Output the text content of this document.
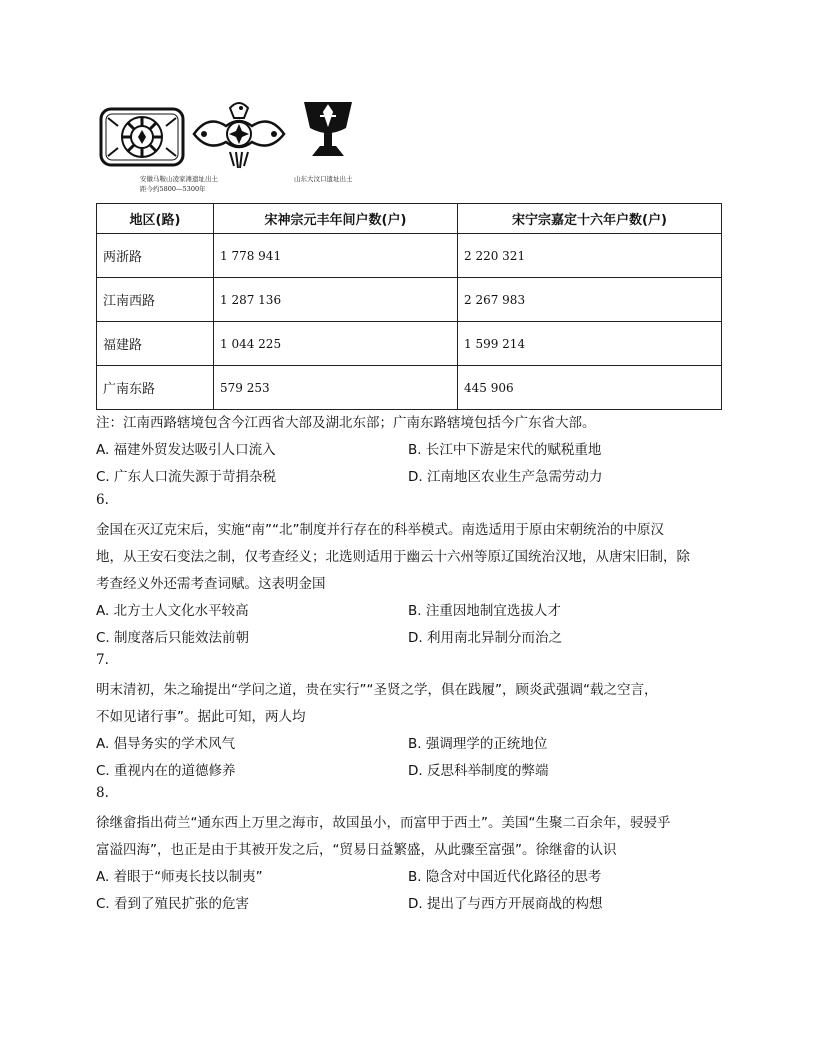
安徽马鞍山凌家滩遗址出土
距今约5800—5300年
山东大汶口遗址出土
地区(路)	宋神宗元丰年间户数(户)	宋宁宗嘉定十六年户数(户)
两浙路	1 778 941	2 220 321
江南西路	1 287 136	2 267 983
福建路	1 044 225	1 599 214
广南东路	579 253	445 906
注：江南西路辖境包含今江西省大部及湖北东部；广南东路辖境包括今广东省大部。
A. 福建外贸发达吸引人口流入	B. 长江中下游是宋代的赋税重地
C. 广东人口流失源于苛捐杂税	D. 江南地区农业生产急需劳动力
6.
金国在灭辽克宋后，实施“南”“北”制度并行存在的科举模式。南选适用于原由宋朝统治的中原汉
地，从王安石变法之制，仅考查经义；北选则适用于幽云十六州等原辽国统治汉地，从唐宋旧制，除
考查经义外还需考查词赋。这表明金国
A. 北方士人文化水平较高	B. 注重因地制宜选拔人才
C. 制度落后只能效法前朝	D. 利用南北异制分而治之
7.
明末清初，朱之瑜提出“学问之道，贵在实行”“圣贤之学，俱在践履”，顾炎武强调“载之空言，
不如见诸行事”。据此可知，两人均
A. 倡导务实的学术风气	B. 强调理学的正统地位
C. 重视内在的道德修养	D. 反思科举制度的弊端
8.
徐继畲指出荷兰“通东西上万里之海市，故国虽小，而富甲于西土”。美国“生聚二百余年，骎骎乎
富溢四海”，也正是由于其被开发之后，“贸易日益繁盛，从此骤至富强”。徐继畲的认识
A. 着眼于“师夷长技以制夷”	B. 隐含对中国近代化路径的思考
C. 看到了殖民扩张的危害	D. 提出了与西方开展商战的构想
